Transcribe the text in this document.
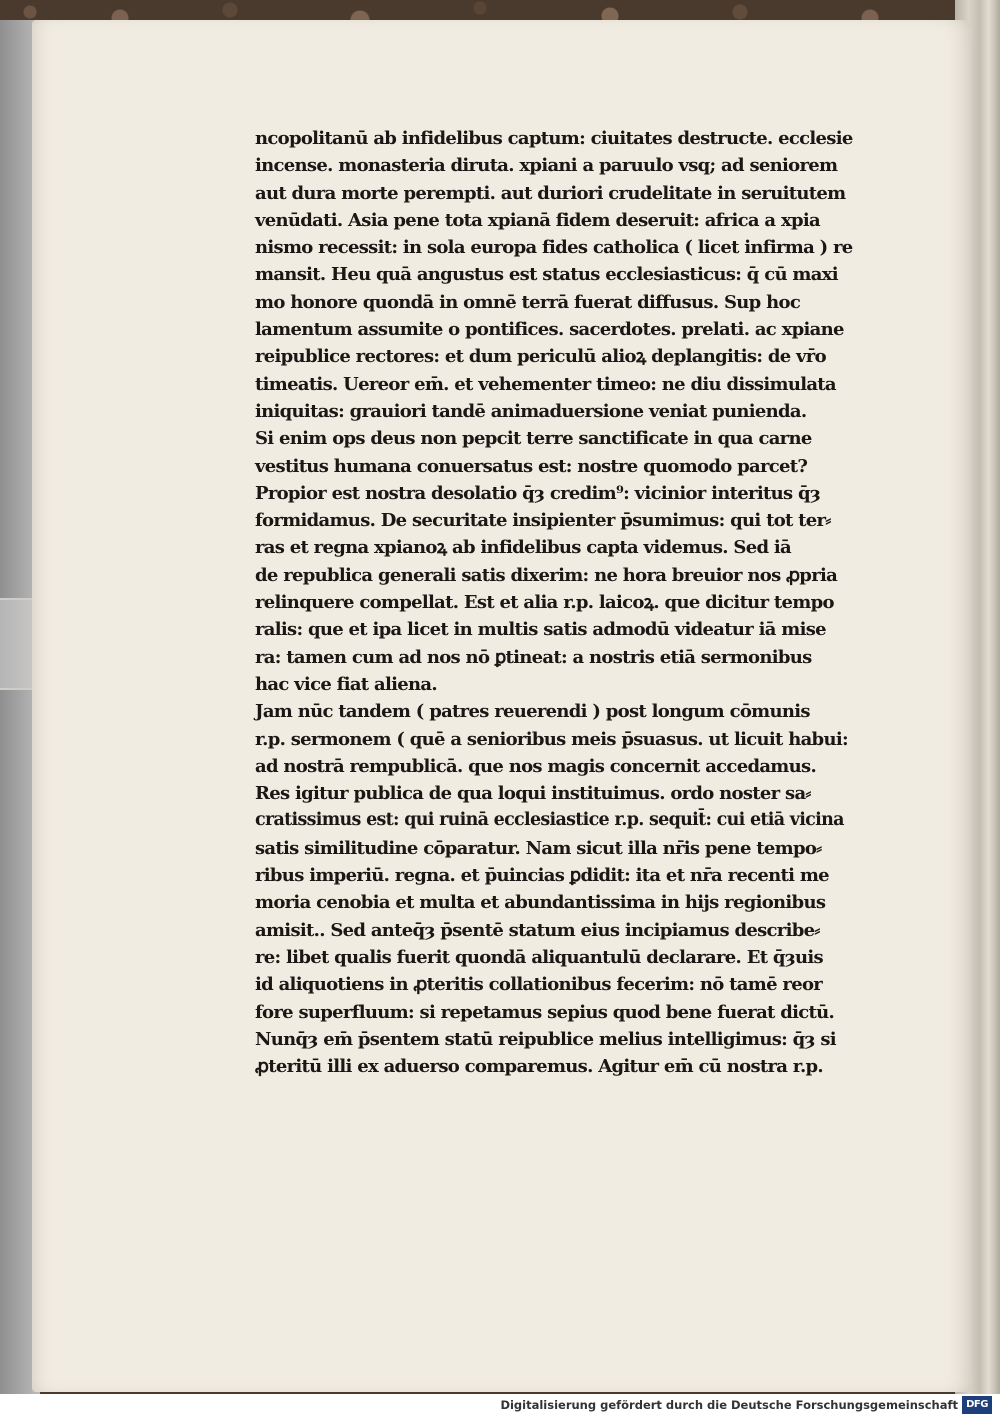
ncopolitanū ab infidelibus captum: ciuitates destructe. ecclesie
incense. monasteria diruta. xpiani a paruulo vsq; ad seniorem
aut dura morte perempti. aut duriori crudelitate in seruitutem
venūdati. Asia pene tota xpianā fidem deseruit: africa a xpia
nismo recessit: in sola europa fides catholica ( licet infirma ) re
mansit. Heu quā angustus est status ecclesiasticus: q̄ cū maxi
mo honore quondā in omnē terrā fuerat diffusus. Sup hoc
lamentum assumite o pontifices. sacerdotes. prelati. ac xpiane
reipublice rectores: et dum periculū alioꝝ deplangitis: de vr̄o
timeatis. Uereor em̄. et vehementer timeo: ne diu dissimulata
iniquitas: grauiori tandē animaduersione veniat punienda.
Si enim ops deus non pepcit terre sanctificate in qua carne
vestitus humana conuersatus est: nostre quomodo parcet?
Propior est nostra desolatio q̄ȝ credim⁹: vicinior interitus q̄ȝ
formidamus. De securitate insipienter p̄sumimus: qui tot ter⸗
ras et regna xpianoꝝ ab infidelibus capta videmus. Sed iā
de republica generali satis dixerim: ne hora breuior nos ꝓpria
relinquere compellat. Est et alia r.p. laicoꝝ. que dicitur tempo
ralis: que et ipa licet in multis satis admodū videatur iā mise
ra: tamen cum ad nos nō ꝑtineat: a nostris etiā sermonibus
hac vice fiat aliena.
Jam nūc tandem ( patres reuerendi ) post longum cōmunis
r.p. sermonem ( quē a senioribus meis p̄suasus. ut licuit habui:
ad nostrā rempublicā. que nos magis concernit accedamus.
Res igitur publica de qua loqui instituimus. ordo noster sa⸗
cratissimus est: qui ruinā ecclesiastice r.p. sequit̄: cui etiā vicina
satis similitudine cōparatur. Nam sicut illa nr̄is pene tempo⸗
ribus imperiū. regna. et p̄uincias ꝑdidit: ita et nr̄a recenti me
moria cenobia et multa et abundantissima in hijs regionibus
amisit.. Sed anteq̄ȝ p̄sentē statum eius incipiamus describe⸗
re: libet qualis fuerit quondā aliquantulū declarare. Et q̄ȝuis
id aliquotiens in ꝓteritis collationibus fecerim: nō tamē reor
fore superfluum: si repetamus sepius quod bene fuerat dictū.
Nunq̄ȝ em̄ p̄sentem statū reipublice melius intelligimus: q̄ȝ si
ꝓteritū illi ex aduerso comparemus. Agitur em̄ cū nostra r.p.
Digitalisierung gefördert durch die Deutsche Forschungsgemeinschaft DFG
